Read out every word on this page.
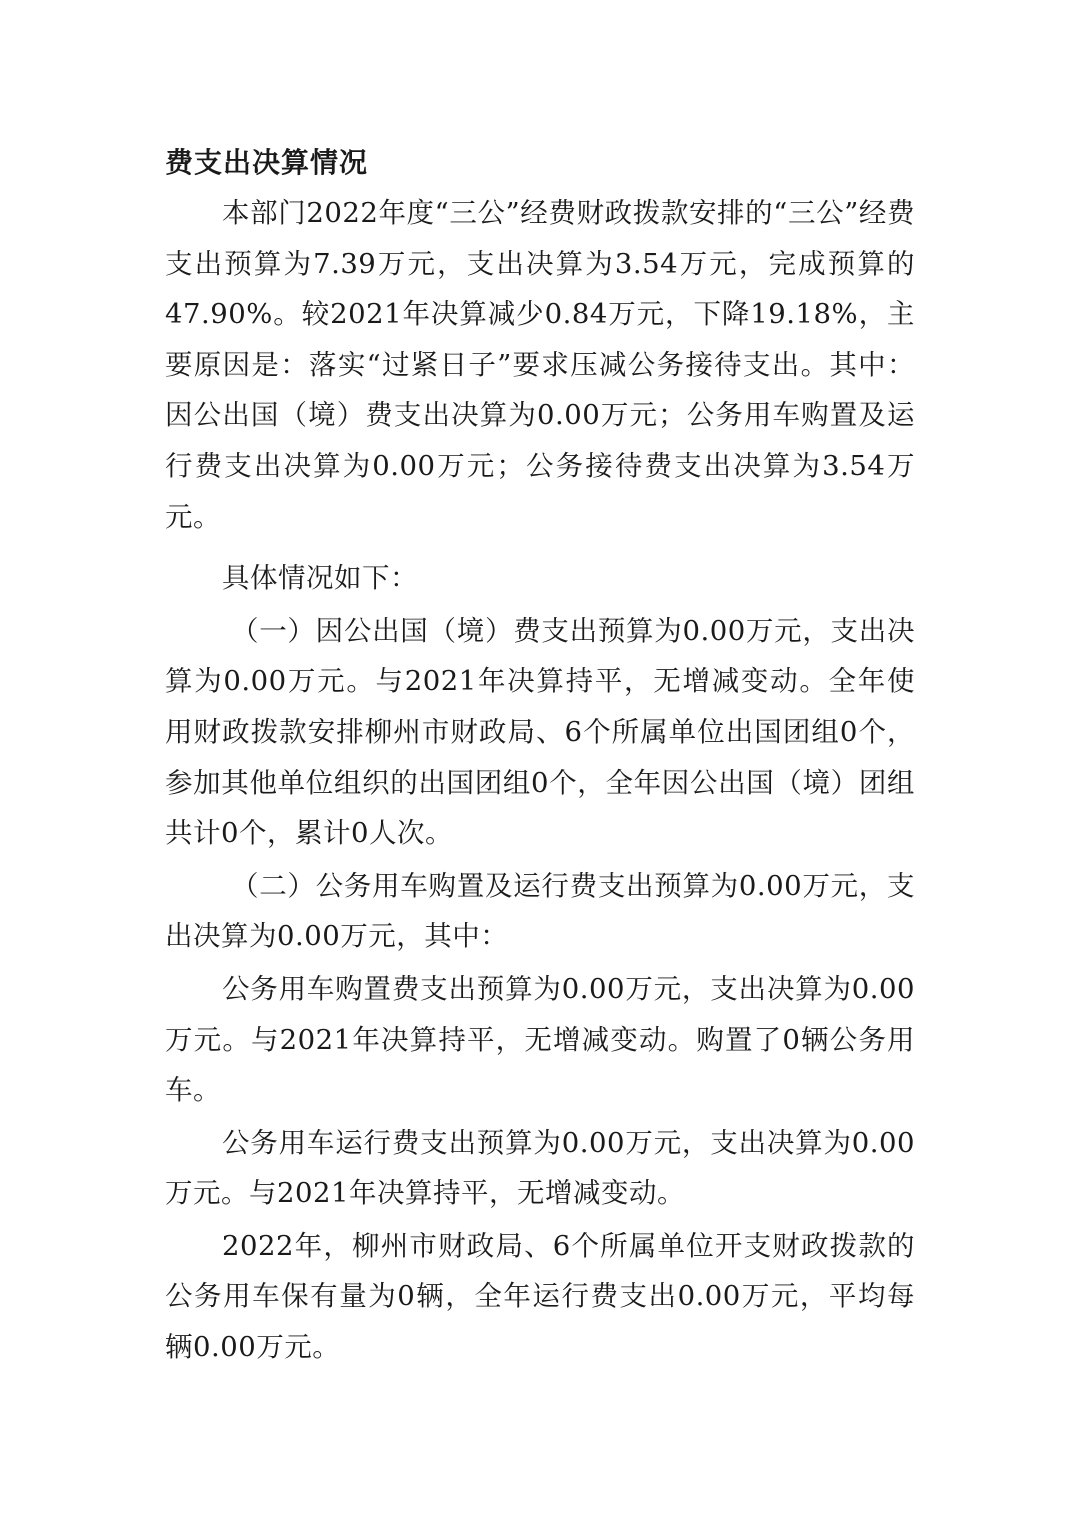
费支出决算情况

本部门2022年度“三公”经费财政拨款安排的“三公”经费支出预算为7.39万元，支出决算为3.54万元，完成预算的47.90%。较2021年决算减少0.84万元，下降19.18%，主要原因是：落实“过紧日子”要求压减公务接待支出。其中：因公出国（境）费支出决算为0.00万元；公务用车购置及运行费支出决算为0.00万元；公务接待费支出决算为3.54万元。

具体情况如下：

（一）因公出国（境）费支出预算为0.00万元，支出决算为0.00万元。与2021年决算持平，无增减变动。全年使用财政拨款安排柳州市财政局、6个所属单位出国团组0个，参加其他单位组织的出国团组0个，全年因公出国（境）团组共计0个，累计0人次。

（二）公务用车购置及运行费支出预算为0.00万元，支出决算为0.00万元，其中：

公务用车购置费支出预算为0.00万元，支出决算为0.00万元。与2021年决算持平，无增减变动。购置了0辆公务用车。

公务用车运行费支出预算为0.00万元，支出决算为0.00万元。与2021年决算持平，无增减变动。

2022年，柳州市财政局、6个所属单位开支财政拨款的公务用车保有量为0辆，全年运行费支出0.00万元，平均每辆0.00万元。
